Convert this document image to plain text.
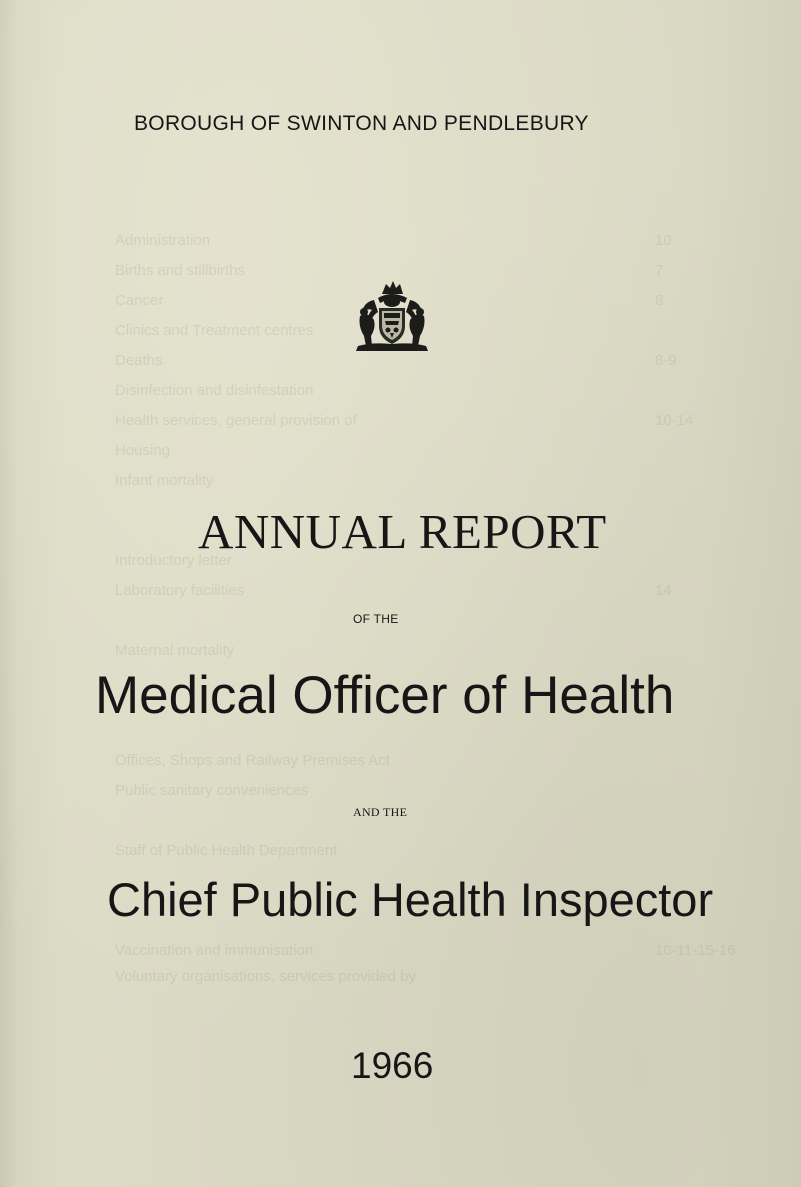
Administration
Births and stillbirths
Cancer
Clinics and Treatment centres
Deaths
Disinfection and disinfestation
Health services, general provision of
Housing
Infant mortality
Introductory letter
Laboratory facilities
Maternal mortality
Offices, Shops and Railway Premises Act
Public sanitary conveniences
Staff of Public Health Department
Vaccination and immunisation
Voluntary organisations, services provided by
10
7
8
8-9
10-14
14
10-11-15-16
BOROUGH OF SWINTON AND PENDLEBURY
ANNUAL REPORT
OF THE
Medical Officer of Health
AND THE
Chief Public Health Inspector
1966
